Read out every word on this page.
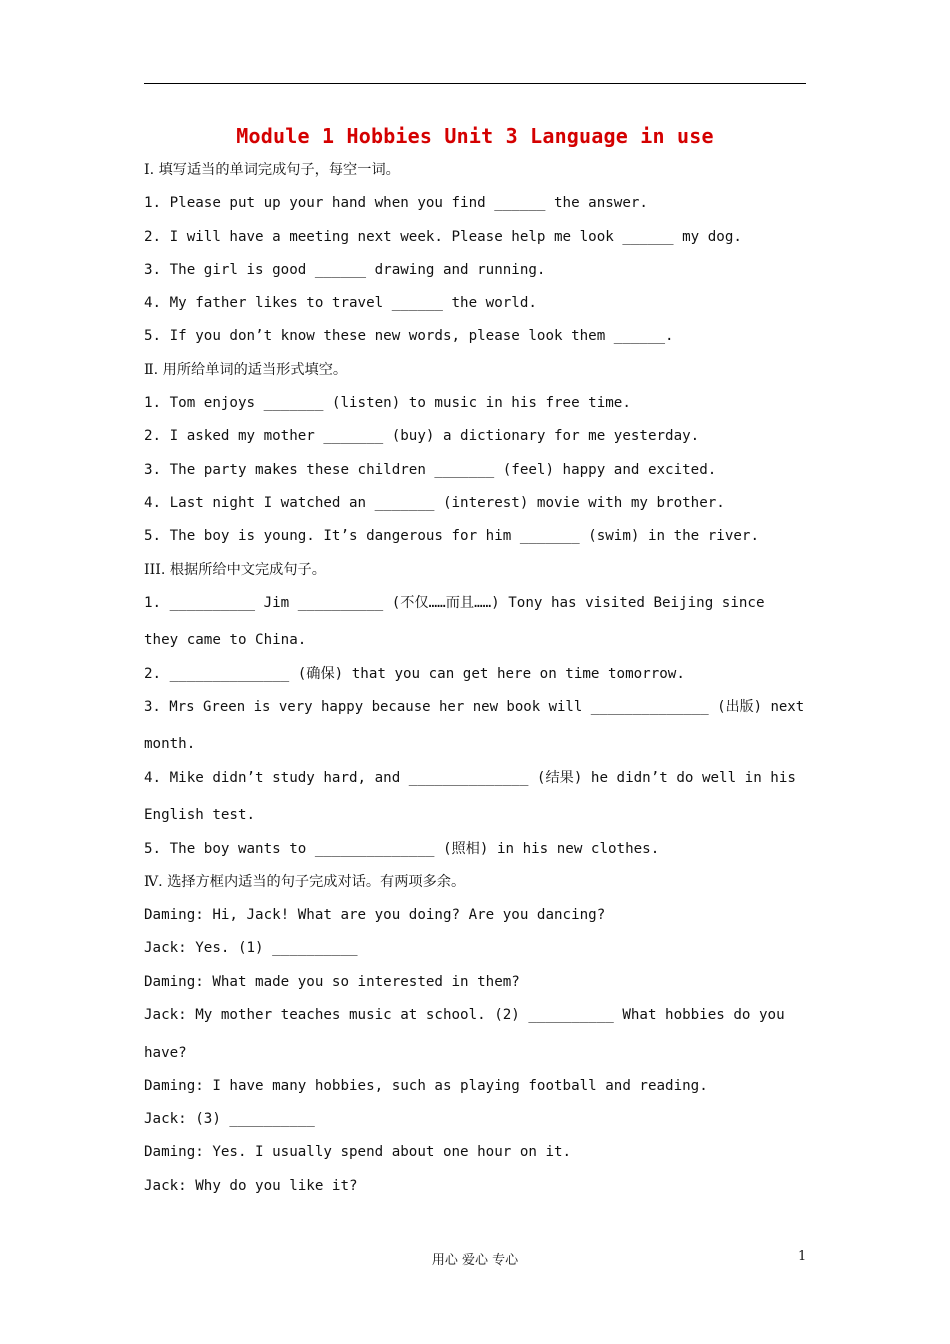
Module 1 Hobbies Unit 3 Language in use
Ⅰ. 填写适当的单词完成句子，每空一词。
1. Please put up your hand when you find ______ the answer.
2. I will have a meeting next week. Please help me look ______ my dog.
3. The girl is good ______ drawing and running.
4. My father likes to travel ______ the world.
5. If you don’t know these new words, please look them ______.
Ⅱ. 用所给单词的适当形式填空。
1. Tom enjoys _______ (listen) to music in his free time.
2. I asked my mother _______ (buy) a dictionary for me yesterday.
3. The party makes these children _______ (feel) happy and excited.
4. Last night I watched an _______ (interest) movie with my brother.
5. The boy is young. It’s dangerous for him _______ (swim) in the river.
III. 根据所给中文完成句子。
1. __________ Jim __________ (不仅……而且……) Tony has visited Beijing since
they came to China.
2. ______________ (确保) that you can get here on time tomorrow.
3. Mrs Green is very happy because her new book will ______________ (出版) next
month.
4. Mike didn’t study hard, and ______________ (结果) he didn’t do well in his
English test.
5. The boy wants to ______________ (照相) in his new clothes.
Ⅳ. 选择方框内适当的句子完成对话。有两项多余。
Daming: Hi, Jack! What are you doing? Are you dancing?
Jack: Yes. (1) __________
Daming: What made you so interested in them?
Jack: My mother teaches music at school. (2) __________ What hobbies do you
have?
Daming: I have many hobbies, such as playing football and reading.
Jack: (3) __________
Daming: Yes. I usually spend about one hour on it.
Jack: Why do you like it?
用心 爱心 专心	1
